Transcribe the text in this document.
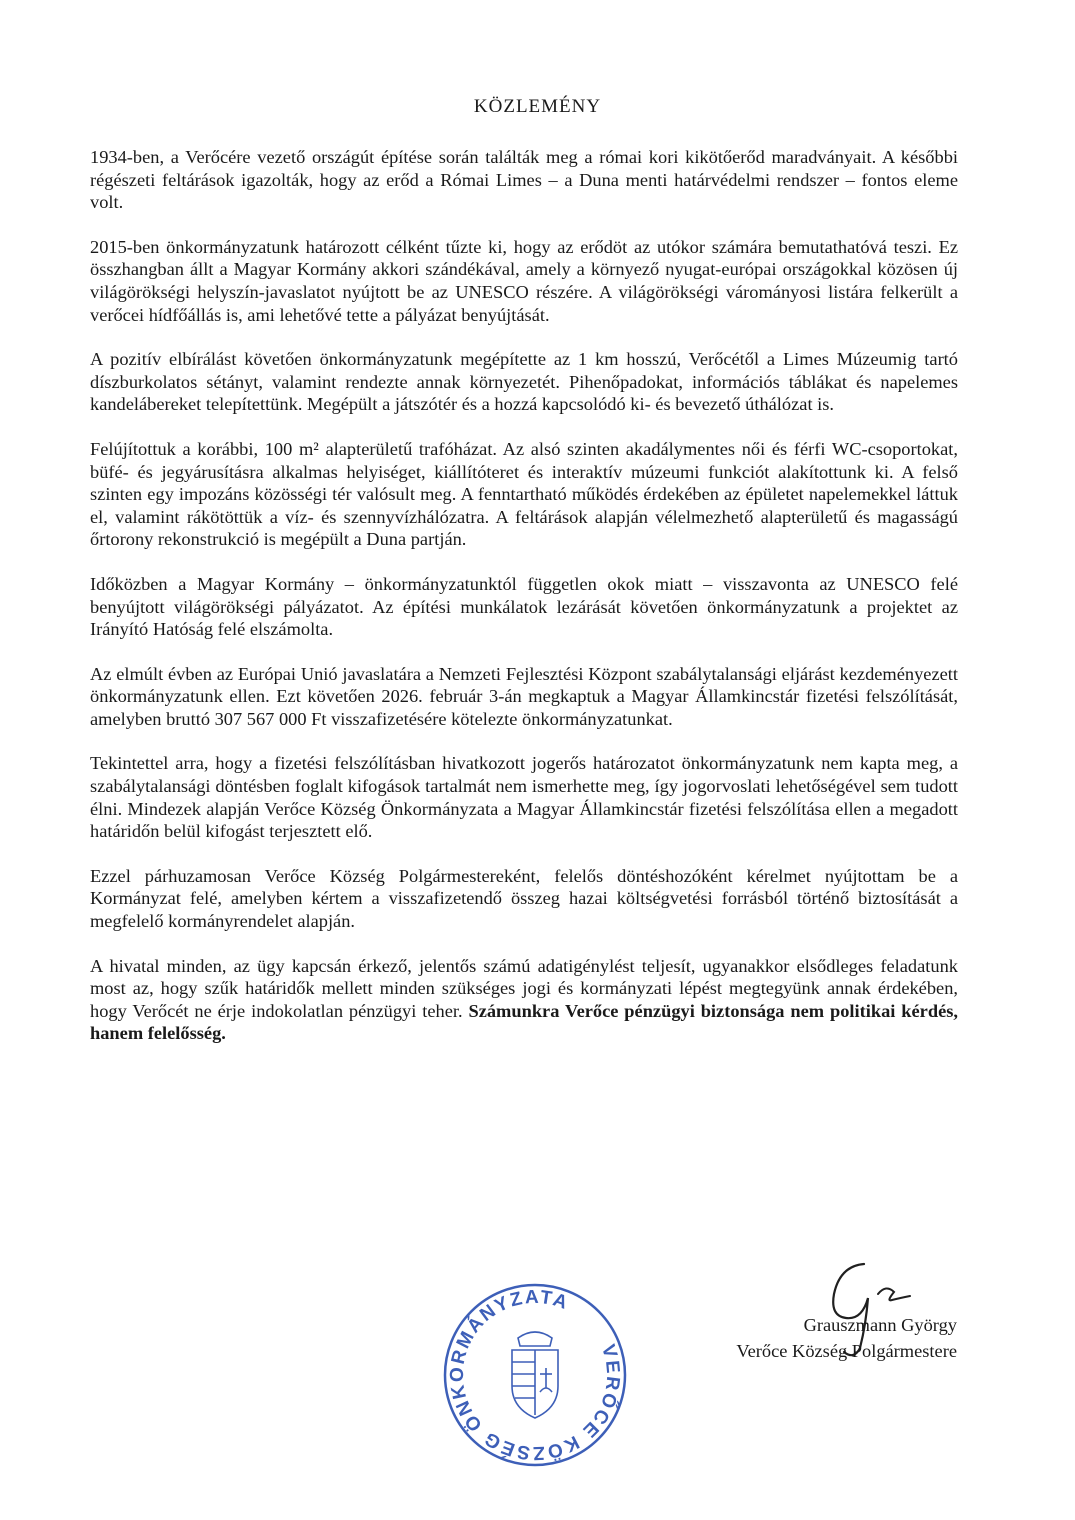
KÖZLEMÉNY

1934-ben, a Verőcére vezető országút építése során találták meg a római kori kikötőerőd maradványait. A későbbi régészeti feltárások igazolták, hogy az erőd a Római Limes – a Duna menti határvédelmi rendszer – fontos eleme volt.

2015-ben önkormányzatunk határozott célként tűzte ki, hogy az erődöt az utókor számára bemutathatóvá teszi. Ez összhangban állt a Magyar Kormány akkori szándékával, amely a környező nyugat-európai országokkal közösen új világörökségi helyszín-javaslatot nyújtott be az UNESCO részére. A világörökségi várományosi listára felkerült a verőcei hídfőállás is, ami lehetővé tette a pályázat benyújtását.

A pozitív elbírálást követően önkormányzatunk megépítette az 1 km hosszú, Verőcétől a Limes Múzeumig tartó díszburkolatos sétányt, valamint rendezte annak környezetét. Pihenőpadokat, információs táblákat és napelemes kandelábereket telepítettünk. Megépült a játszótér és a hozzá kapcsolódó ki- és bevezető úthálózat is.

Felújítottuk a korábbi, 100 m² alapterületű trafóházat. Az alsó szinten akadálymentes női és férfi WC-csoportokat, büfé- és jegyárusításra alkalmas helyiséget, kiállítóteret és interaktív múzeumi funkciót alakítottunk ki. A felső szinten egy impozáns közösségi tér valósult meg. A fenntartható működés érdekében az épületet napelemekkel láttuk el, valamint rákötöttük a víz- és szennyvízhálózatra. A feltárások alapján vélelmezhető alapterületű és magasságú őrtorony rekonstrukció is megépült a Duna partján.

Időközben a Magyar Kormány – önkormányzatunktól független okok miatt – visszavonta az UNESCO felé benyújtott világörökségi pályázatot. Az építési munkálatok lezárását követően önkormányzatunk a projektet az Irányító Hatóság felé elszámolta.

Az elmúlt évben az Európai Unió javaslatára a Nemzeti Fejlesztési Központ szabálytalansági eljárást kezdeményezett önkormányzatunk ellen. Ezt követően 2026. február 3-án megkaptuk a Magyar Államkincstár fizetési felszólítását, amelyben bruttó 307 567 000 Ft visszafizetésére kötelezte önkormányzatunkat.

Tekintettel arra, hogy a fizetési felszólításban hivatkozott jogerős határozatot önkormányzatunk nem kapta meg, a szabálytalansági döntésben foglalt kifogások tartalmát nem ismerhette meg, így jogorvoslati lehetőségével sem tudott élni. Mindezek alapján Verőce Község Önkormányzata a Magyar Államkincstár fizetési felszólítása ellen a megadott határidőn belül kifogást terjesztett elő.

Ezzel párhuzamosan Verőce Község Polgármestereként, felelős döntéshozóként kérelmet nyújtottam be a Kormányzat felé, amelyben kértem a visszafizetendő összeg hazai költségvetési forrásból történő biztosítását a megfelelő kormányrendelet alapján.

A hivatal minden, az ügy kapcsán érkező, jelentős számú adatigénylést teljesít, ugyanakkor elsődleges feladatunk most az, hogy szűk határidők mellett minden szükséges jogi és kormányzati lépést megtegyünk annak érdekében, hogy Verőcét ne érje indokolatlan pénzügyi teher. Számunkra Verőce pénzügyi biztonsága nem politikai kérdés, hanem felelősség.

VERŐCE KÖZSÉG ÖNKORMÁNYZATA
Grauszmann György
Verőce Község Polgármestere
